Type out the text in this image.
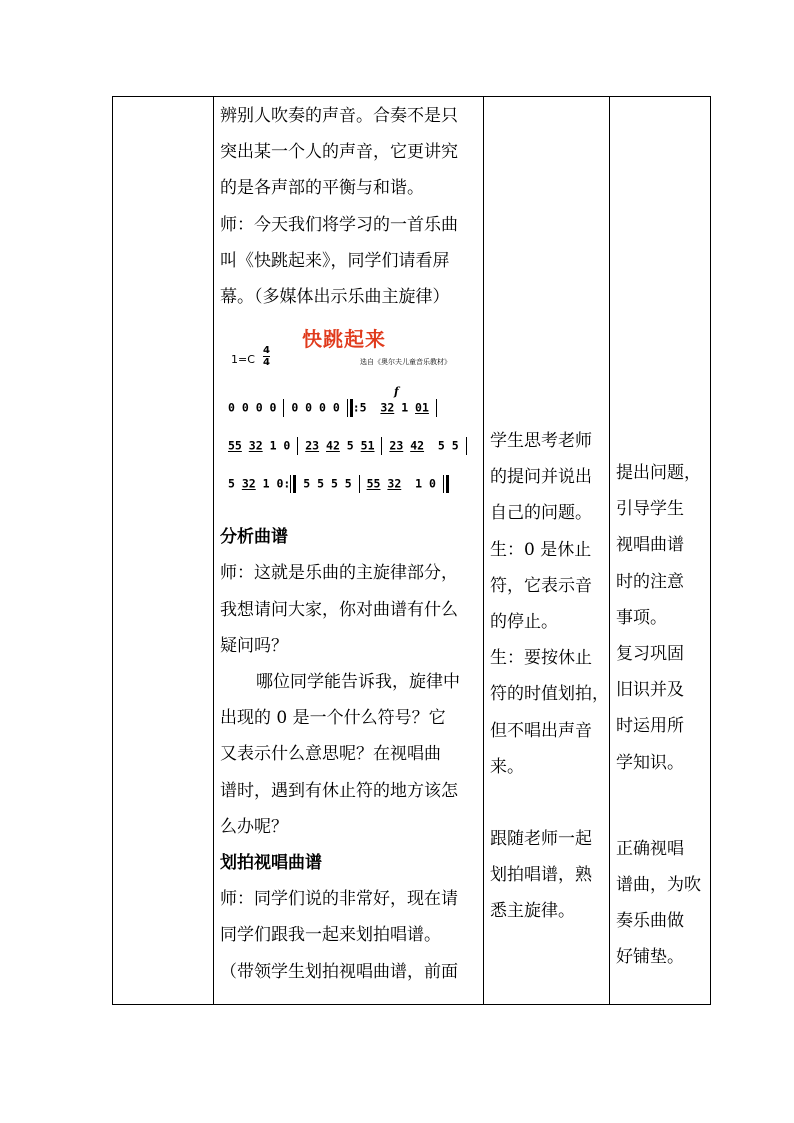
辨别人吹奏的声音。合奏不是只

突出某一个人的声音，它更讲究

的是各声部的平衡与和谐。

师：今天我们将学习的一首乐曲

叫《快跳起来》，同学们请看屏

幕。（多媒体出示乐曲主旋律）

快跳起来
1=C
4
4	选自《奥尔夫儿童音乐教材》
f
0 0 0 0  0 0 0 0 :5  32 1 01
55 32 1 0  23 42 5 51 23 42  5 5
5 32 1 0: 5 5 5 5  55 32  1 0

分析曲谱

师：这就是乐曲的主旋律部分，

我想请问大家，你对曲谱有什么

疑问吗？

哪位同学能告诉我，旋律中

出现的 0 是一个什么符号？它

又表示什么意思呢？在视唱曲

谱时，遇到有休止符的地方该怎

么办呢？

划拍视唱曲谱

师：同学们说的非常好，现在请

同学们跟我一起来划拍唱谱。

（带领学生划拍视唱曲谱，前面

学生思考老师

的提问并说出

自己的问题。

生：0 是休止

符，它表示音

的停止。

生：要按休止

符的时值划拍，

但不唱出声音

来。

跟随老师一起

划拍唱谱，熟

悉主旋律。

提出问题，

引导学生

视唱曲谱

时的注意

事项。

复习巩固

旧识并及

时运用所

学知识。

正确视唱

谱曲，为吹

奏乐曲做

好铺垫。
